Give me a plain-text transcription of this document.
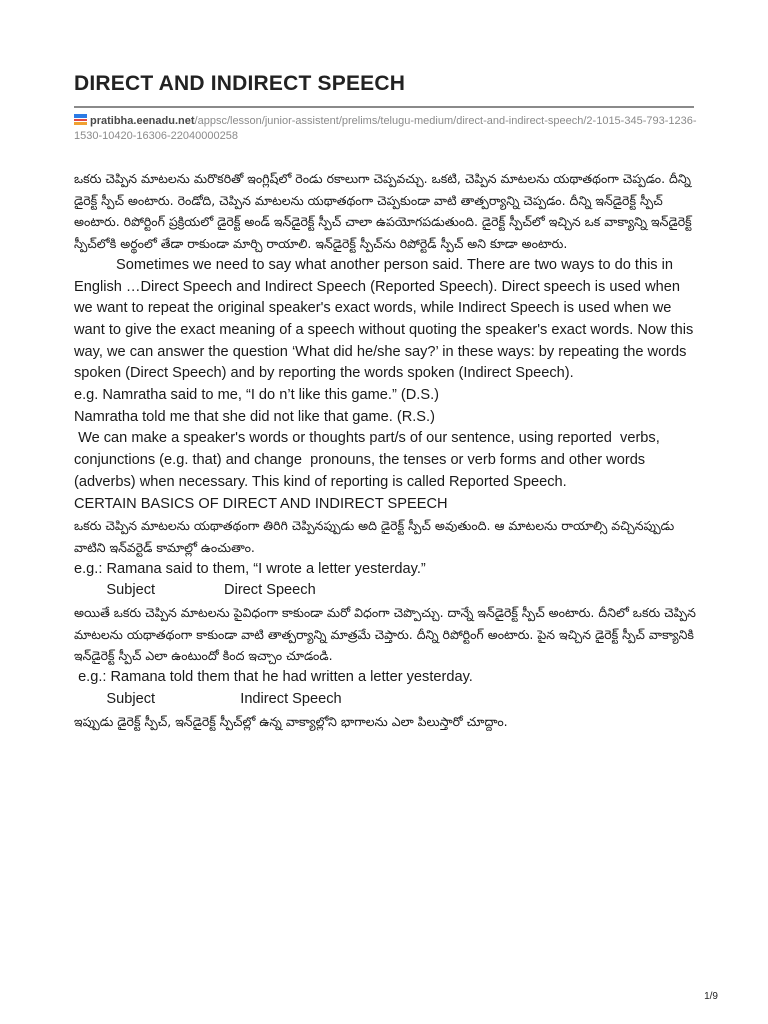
DIRECT AND INDIRECT SPEECH
pratibha.eenadu.net/appsc/lesson/junior-assistent/prelims/telugu-medium/direct-and-indirect-speech/2-1015-345-793-1236-1530-10420-16306-22040000258

ఒకరు చెప్పిన మాటలను మరొకరితో ఇంగ్లిష్‌లో రెండు రకాలుగా చెప్పవచ్చు. ఒకటి, చెప్పిన మాటలను యథాతథంగా చెప్పడం. దీన్ని డైరెక్ట్ స్పీచ్ అంటారు. రెండోది, చెప్పిన మాటలను యథాతథంగా చెప్పకుండా వాటి తాత్పర్యాన్ని చెప్పడం. దీన్ని ఇన్‌డైరెక్ట్ స్పీచ్ అంటారు. రిపోర్టింగ్ ప్రక్రియలో డైరెక్ట్ అండ్ ఇన్‌డైరెక్ట్ స్పీచ్ చాలా ఉపయోగపడుతుంది. డైరెక్ట్ స్పీచ్‌లో ఇచ్చిన ఒక వాక్యాన్ని ఇన్‌డైరెక్ట్ స్పీచ్‌లోకి అర్థంలో తేడా రాకుండా మార్చి రాయాలి. ఇన్‌డైరెక్ట్ స్పీచ్‌ను రిపోర్టెడ్ స్పీచ్ అని కూడా అంటారు.

Sometimes we need to say what another person said. There are two ways to do this in English …Direct Speech and Indirect Speech (Reported Speech). Direct speech is used when we want to repeat the original speaker's exact words, while Indirect Speech is used when we want to give the exact meaning of a speech without quoting the speaker's exact words. Now this way, we can answer the question ‘What did he/she say?’ in these ways: by repeating the words spoken (Direct Speech) and by reporting the words spoken (Indirect Speech).

e.g. Namratha said to me, “I do n’t like this game.” (D.S.)

Namratha told me that she did not like that game. (R.S.)

We can make a speaker's words or thoughts part/s of our sentence, using reported  verbs, conjunctions (e.g. that) and change  pronouns, the tenses or verb forms and other words (adverbs) when necessary. This kind of reporting is called Reported Speech.

CERTAIN BASICS OF DIRECT AND INDIRECT SPEECH

ఒకరు చెప్పిన మాటలను యథాతథంగా తిరిగి చెప్పినప్పుడు అది డైరెక్ట్ స్పీచ్ అవుతుంది. ఆ మాటలను రాయాల్సి వచ్చినప్పుడు వాటిని ఇన్‌వర్టెడ్ కామాల్లో ఉంచుతాం.

e.g.: Ramana said to them, “I wrote a letter yesterday.”

Subject                 Direct Speech

అయితే ఒకరు చెప్పిన మాటలను పైవిధంగా కాకుండా మరో విధంగా చెప్పొచ్చు. దాన్నే ఇన్‌డైరెక్ట్ స్పీచ్ అంటారు. దీనిలో ఒకరు చెప్పిన మాటలను యథాతథంగా కాకుండా వాటి తాత్పర్యాన్ని మాత్రమే చెప్తారు. దీన్ని రిపోర్టింగ్ అంటారు. పైన ఇచ్చిన డైరెక్ట్ స్పీచ్ వాక్యానికి ఇన్‌డైరెక్ట్ స్పీచ్ ఎలా ఉంటుందో కింద ఇచ్చాం చూడండి.

e.g.: Ramana told them that he had written a letter yesterday.

Subject                     Indirect Speech

ఇప్పుడు డైరెక్ట్ స్పీచ్, ఇన్‌డైరెక్ట్ స్పీచ్‌ల్లో ఉన్న వాక్యాల్లోని భాగాలను ఎలా పిలుస్తారో చూద్దాం.

1/9
